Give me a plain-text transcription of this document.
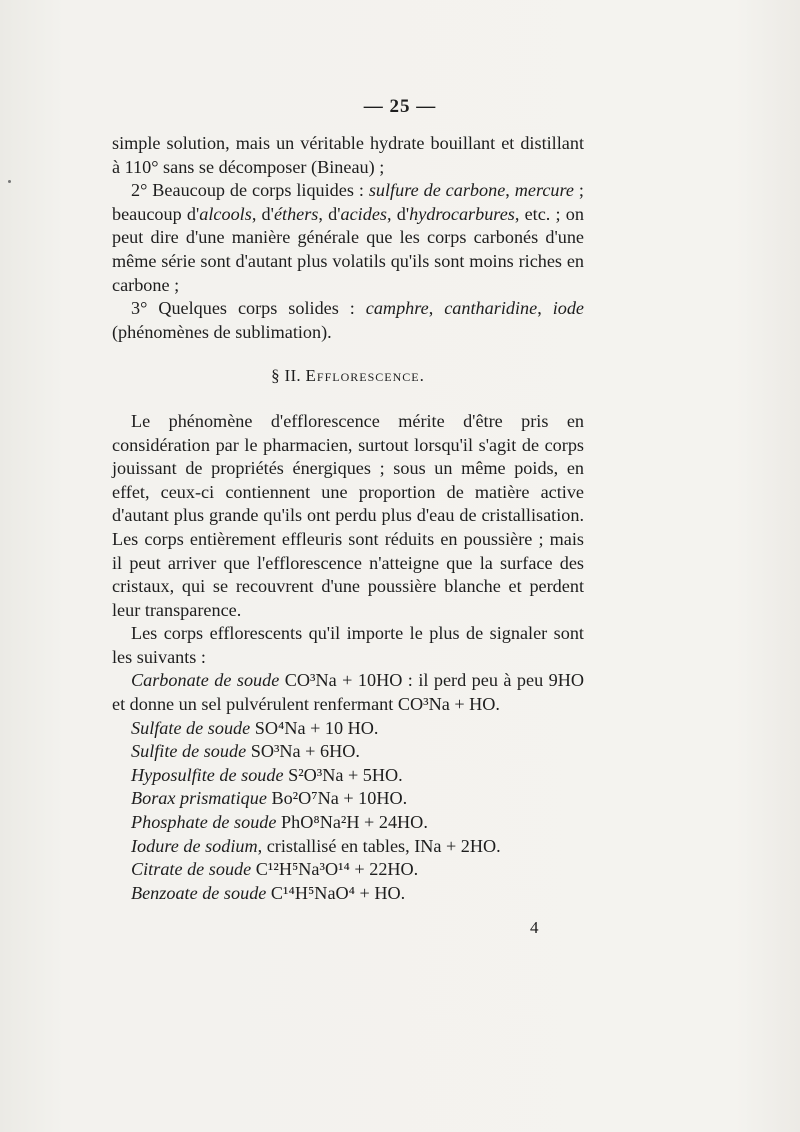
— 25 —

simple solution, mais un véritable hydrate bouillant et distillant à 110° sans se décomposer (Bineau) ;

2° Beaucoup de corps liquides : sulfure de carbone, mercure ; beaucoup d'alcools, d'éthers, d'acides, d'hydrocarbures, etc. ; on peut dire d'une manière générale que les corps carbonés d'une même série sont d'autant plus volatils qu'ils sont moins riches en carbone ;

3° Quelques corps solides : camphre, cantharidine, iode (phénomènes de sublimation).

§ II. Efflorescence.

Le phénomène d'efflorescence mérite d'être pris en considération par le pharmacien, surtout lorsqu'il s'agit de corps jouissant de propriétés énergiques ; sous un même poids, en effet, ceux-ci contiennent une proportion de matière active d'autant plus grande qu'ils ont perdu plus d'eau de cristallisation. Les corps entièrement effleuris sont réduits en poussière ; mais il peut arriver que l'efflorescence n'atteigne que la surface des cristaux, qui se recouvrent d'une poussière blanche et perdent leur transparence.

Les corps efflorescents qu'il importe le plus de signaler sont les suivants :

Carbonate de soude CO³Na + 10HO : il perd peu à peu 9HO et donne un sel pulvérulent renfermant CO³Na + HO.

Sulfate de soude SO⁴Na + 10 HO.

Sulfite de soude SO³Na + 6HO.

Hyposulfite de soude S²O³Na + 5HO.

Borax prismatique Bo²O⁷Na + 10HO.

Phosphate de soude PhO⁸Na²H + 24HO.

Iodure de sodium, cristallisé en tables, INa + 2HO.

Citrate de soude C¹²H⁵Na³O¹⁴ + 22HO.

Benzoate de soude C¹⁴H⁵NaO⁴ + HO.

4
